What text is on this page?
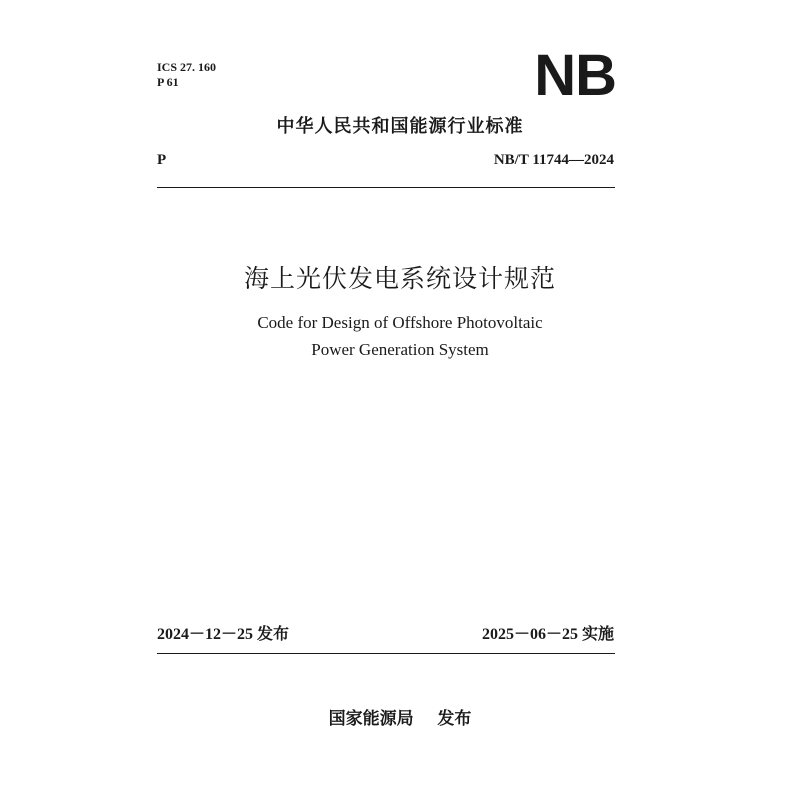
ICS 27. 160
P 61	NB
中华人民共和国能源行业标准
P	NB/T 11744—2024
海上光伏发电系统设计规范
Code for Design of Offshore Photovoltaic
Power Generation System
2024－12－25 发布	2025－06－25 实施
国家能源局    发布
